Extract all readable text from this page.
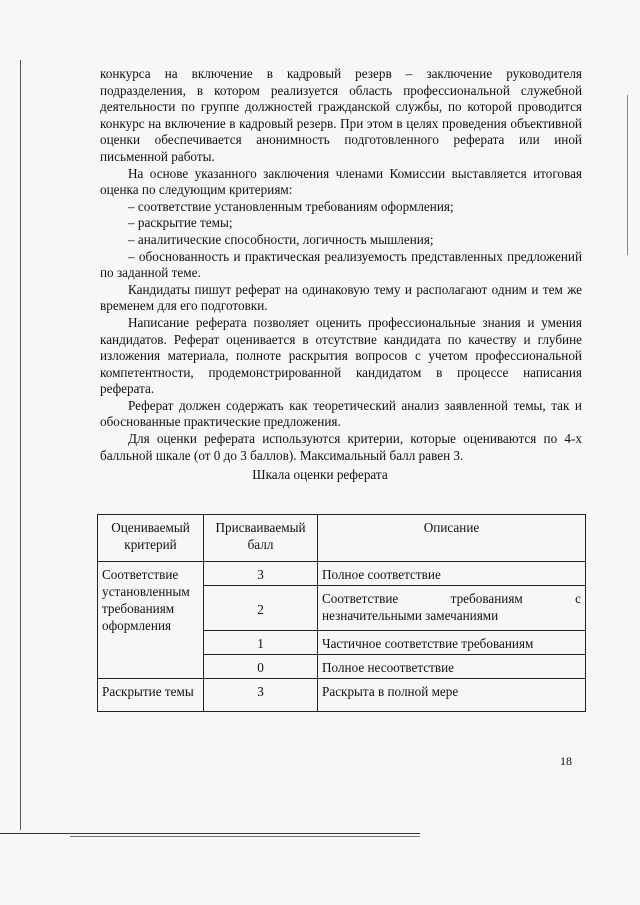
конкурса на включение в кадровый резерв – заключение руководителя подразделения, в котором реализуется область профессиональной служебной деятельности по группе должностей гражданской службы, по которой проводится конкурс на включение в кадровый резерв. При этом в целях проведения объективной оценки обеспечивается анонимность подготовленного реферата или иной письменной работы.

На основе указанного заключения членами Комиссии выставляется итоговая оценка по следующим критериям:

– соответствие установленным требованиям оформления;

– раскрытие темы;

– аналитические способности, логичность мышления;

– обоснованность и практическая реализуемость представленных предложений по заданной теме.

Кандидаты пишут реферат на одинаковую тему и располагают одним и тем же временем для его подготовки.

Написание реферата позволяет оценить профессиональные знания и умения кандидатов. Реферат оценивается в отсутствие кандидата по качеству и глубине изложения материала, полноте раскрытия вопросов с учетом профессиональной компетентности, продемонстрированной кандидатом в процессе написания реферата.

Реферат должен содержать как теоретический анализ заявленной темы, так и обоснованные практические предложения.

Для оценки реферата используются критерии, которые оцениваются по 4-х балльной шкале (от 0 до 3 баллов). Максимальный балл равен 3.

Шкала оценки реферата
Оцениваемый критерий	Присваиваемый балл	Описание
Соответствие установленным требованиям оформления	3	Полное соответствие
	2	Соответствие требованиям с незначительными замечаниями
	1	Частичное соответствие требованиям
	0	Полное несоответствие
Раскрытие темы	3	Раскрыта в полной мере
18
